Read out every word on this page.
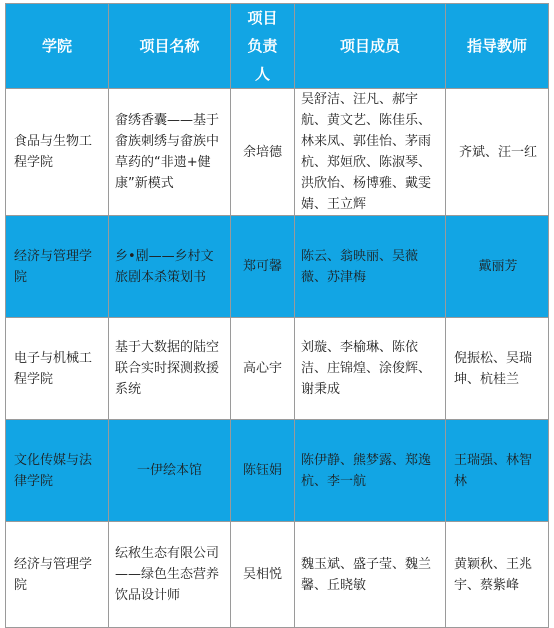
学院	项目名称	项目负责人	项目成员	指导教师
食品与生物工程学院	畲绣香囊——基于畲族刺绣与畲族中草药的“非遗+健康”新模式	余培德	吴舒洁、汪凡、郝宇航、黄文艺、陈佳乐、林来凤、郭佳怡、茅雨杭、郑姮欣、陈淑琴、洪欣怡、杨博雅、戴雯婧、王立辉	齐斌、汪一红
经济与管理学院	乡•剧——乡村文旅剧本杀策划书	郑可馨	陈云、翁映丽、吴薇薇、苏津梅	戴丽芳
电子与机械工程学院	基于大数据的陆空联合实时探测救援系统	高心宇	刘璇、李榆琳、陈依洁、庄锦煌、涂俊辉、谢秉成	倪振松、吴瑞坤、杭桂兰
文化传媒与法律学院	一伊绘本馆	陈钰娟	陈伊静、熊梦露、郑逸杭、李一航	王瑞强、林智林
经济与管理学院	纭秾生态有限公司——绿色生态营养饮品设计师	吴相悦	魏玉斌、盛子莹、魏兰馨、丘晓敏	黄颖秋、王兆宇、蔡紫峰
